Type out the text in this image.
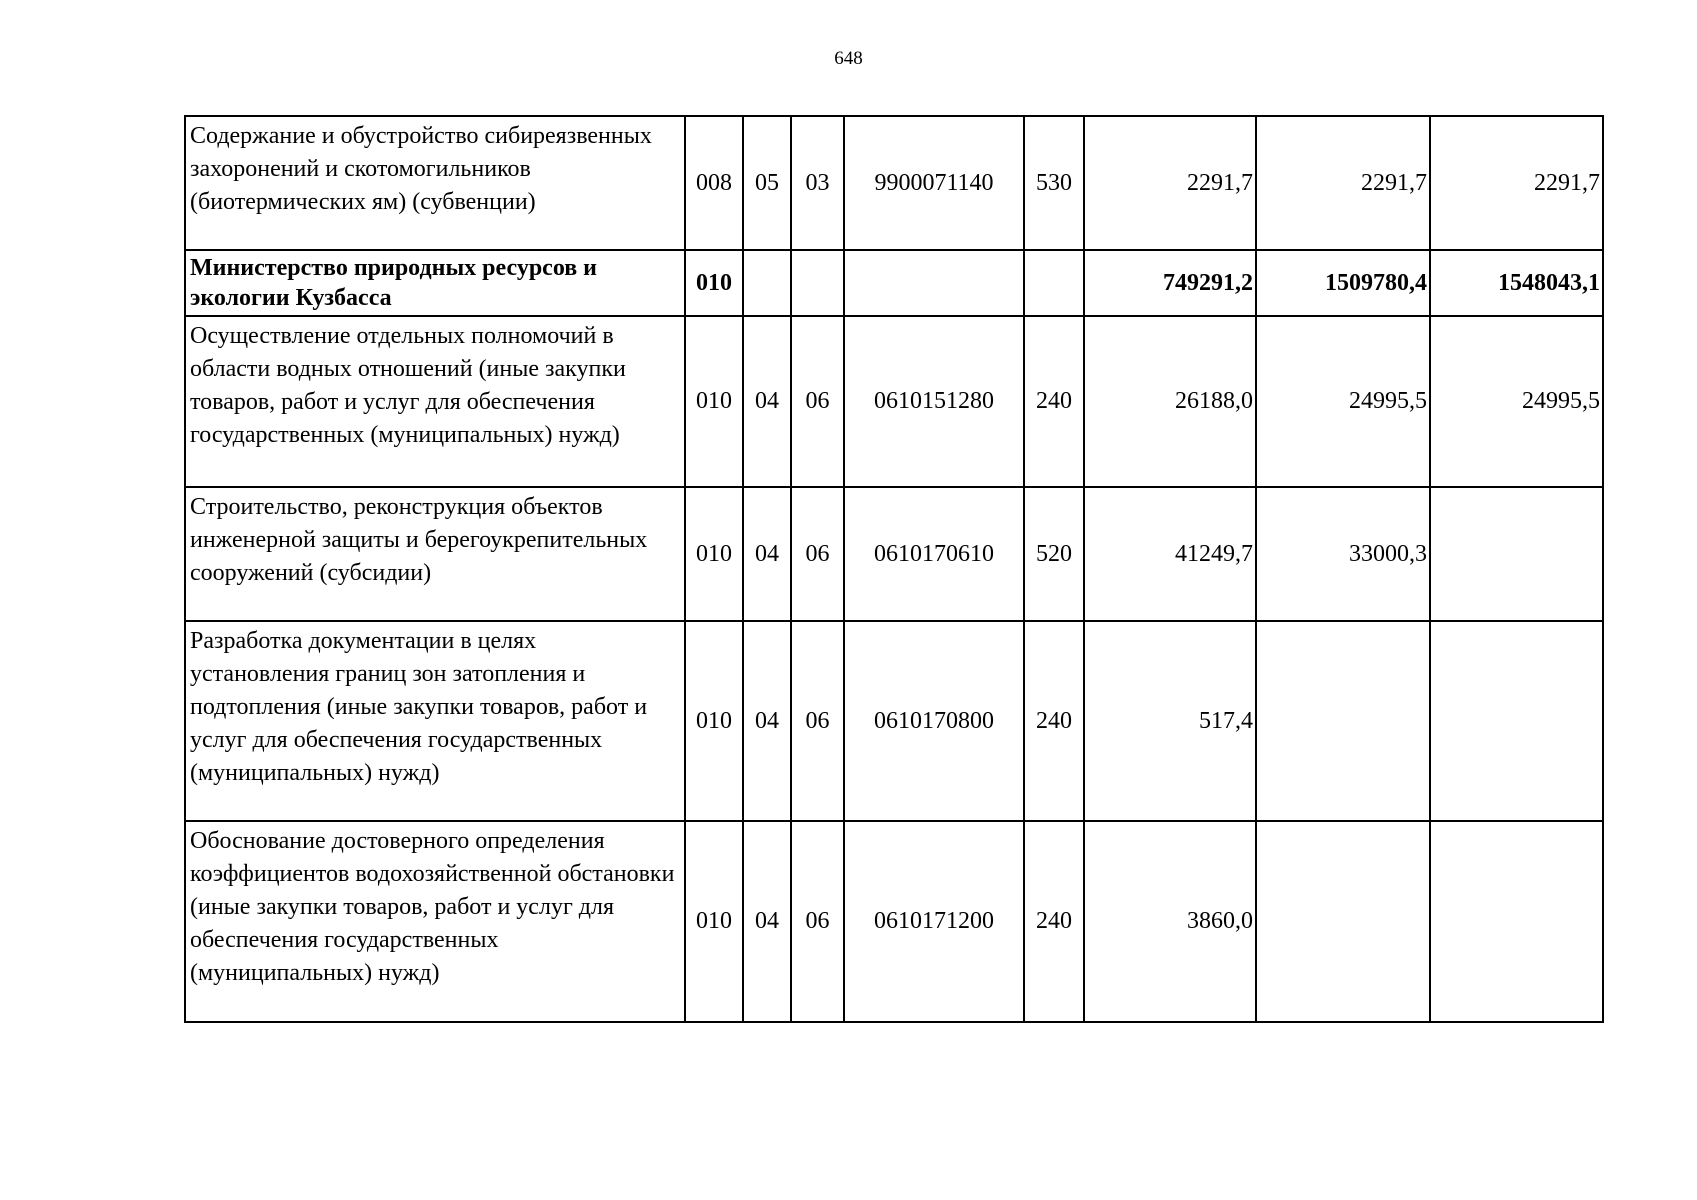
648
Содержание и обустройство сибиреязвенных захоронений и скотомогильников (биотермических ям) (субвенции)	008	05	03	9900071140	530	2291,7	2291,7	2291,7
Министерство природных ресурсов и экологии Кузбасса	010					749291,2	1509780,4	1548043,1
Осуществление отдельных полномочий в области водных отношений (иные закупки товаров, работ и услуг для обеспечения государственных (муниципальных) нужд)	010	04	06	0610151280	240	26188,0	24995,5	24995,5
Строительство, реконструкция объектов инженерной защиты и берегоукрепительных сооружений (субсидии)	010	04	06	0610170610	520	41249,7	33000,3	
Разработка документации в целях установления границ зон затопления и подтопления (иные закупки товаров, работ и услуг для обеспечения государственных (муниципальных) нужд)	010	04	06	0610170800	240	517,4		
Обоснование достоверного определения коэффициентов водохозяйственной обстановки (иные закупки товаров, работ и услуг для обеспечения государственных (муниципальных) нужд)	010	04	06	0610171200	240	3860,0		
